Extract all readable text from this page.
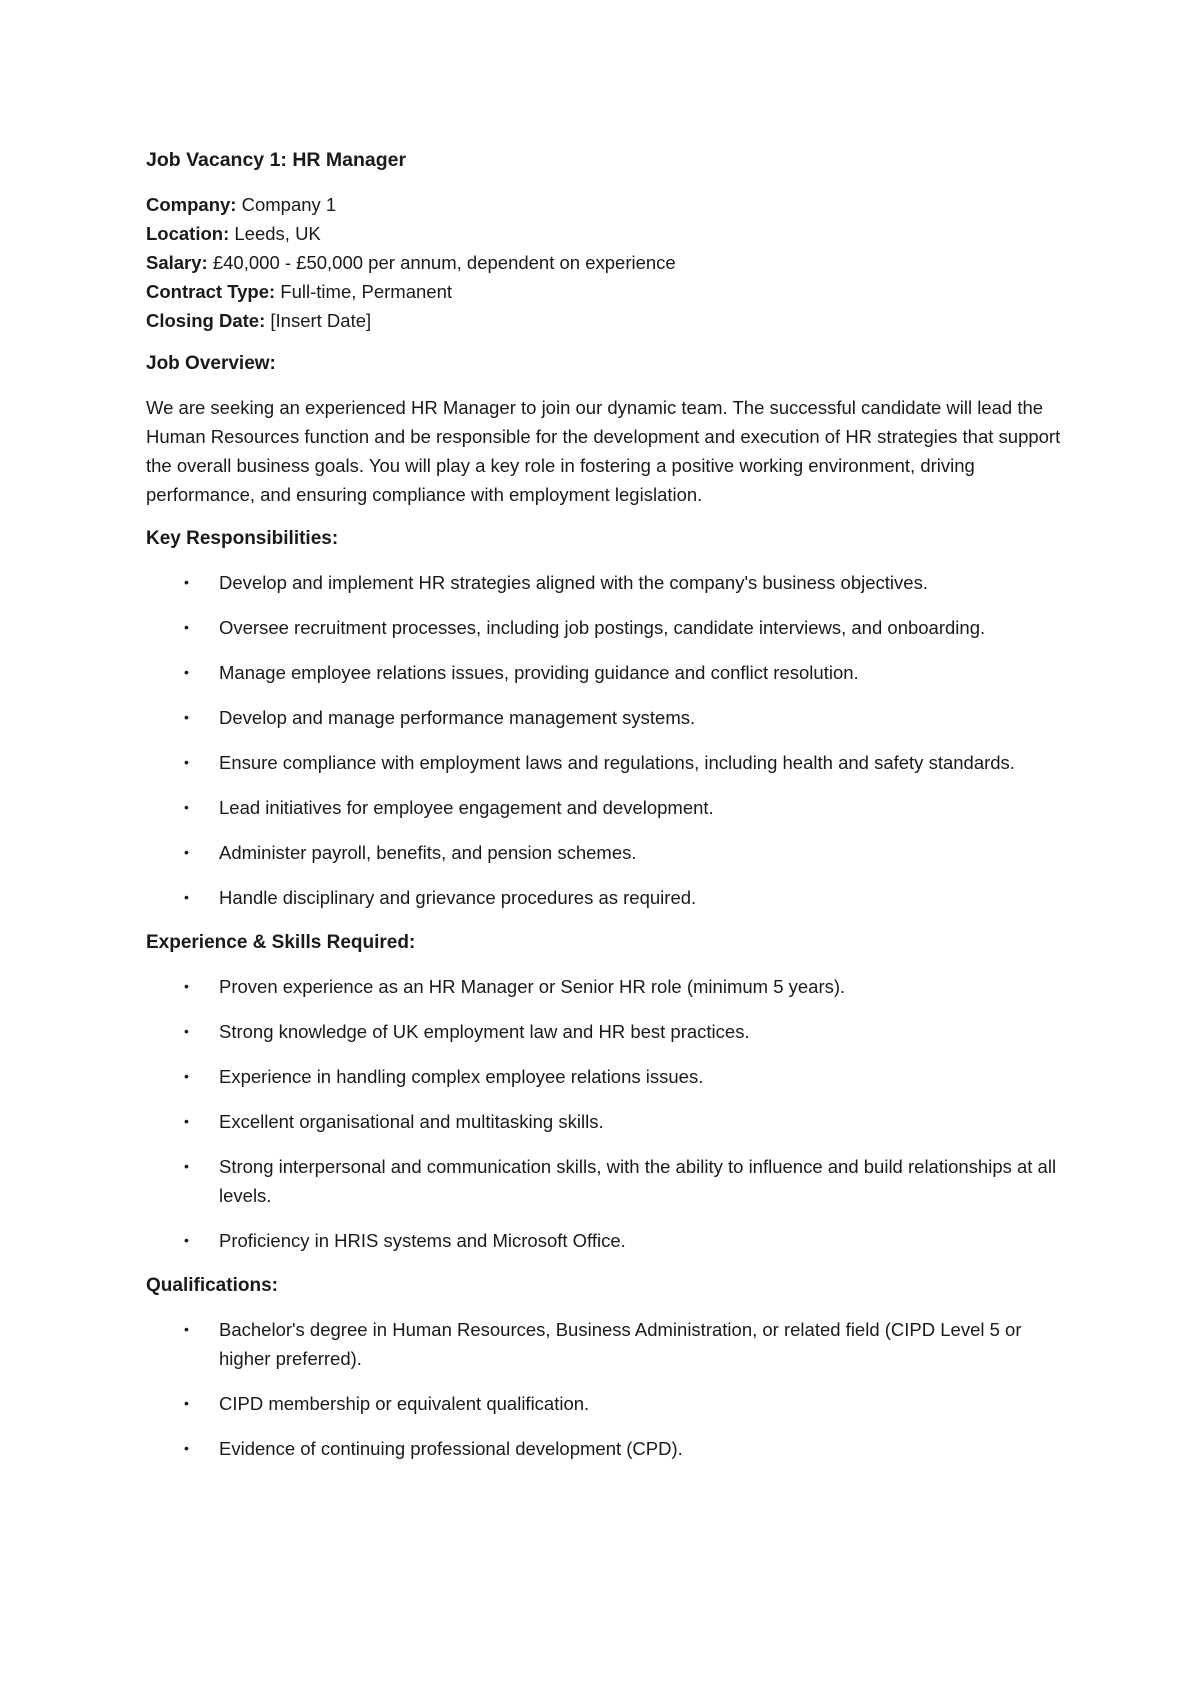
Job Vacancy 1: HR Manager
Company: Company 1
Location: Leeds, UK
Salary: £40,000 - £50,000 per annum, dependent on experience
Contract Type: Full-time, Permanent
Closing Date: [Insert Date]
Job Overview:
We are seeking an experienced HR Manager to join our dynamic team. The successful candidate will lead the Human Resources function and be responsible for the development and execution of HR strategies that support the overall business goals. You will play a key role in fostering a positive working environment, driving performance, and ensuring compliance with employment legislation.
Key Responsibilities:
• Develop and implement HR strategies aligned with the company's business objectives.
• Oversee recruitment processes, including job postings, candidate interviews, and onboarding.
• Manage employee relations issues, providing guidance and conflict resolution.
• Develop and manage performance management systems.
• Ensure compliance with employment laws and regulations, including health and safety standards.
• Lead initiatives for employee engagement and development.
• Administer payroll, benefits, and pension schemes.
• Handle disciplinary and grievance procedures as required.
Experience & Skills Required:
• Proven experience as an HR Manager or Senior HR role (minimum 5 years).
• Strong knowledge of UK employment law and HR best practices.
• Experience in handling complex employee relations issues.
• Excellent organisational and multitasking skills.
• Strong interpersonal and communication skills, with the ability to influence and build relationships at all levels.
• Proficiency in HRIS systems and Microsoft Office.
Qualifications:
• Bachelor's degree in Human Resources, Business Administration, or related field (CIPD Level 5 or higher preferred).
• CIPD membership or equivalent qualification.
• Evidence of continuing professional development (CPD).
